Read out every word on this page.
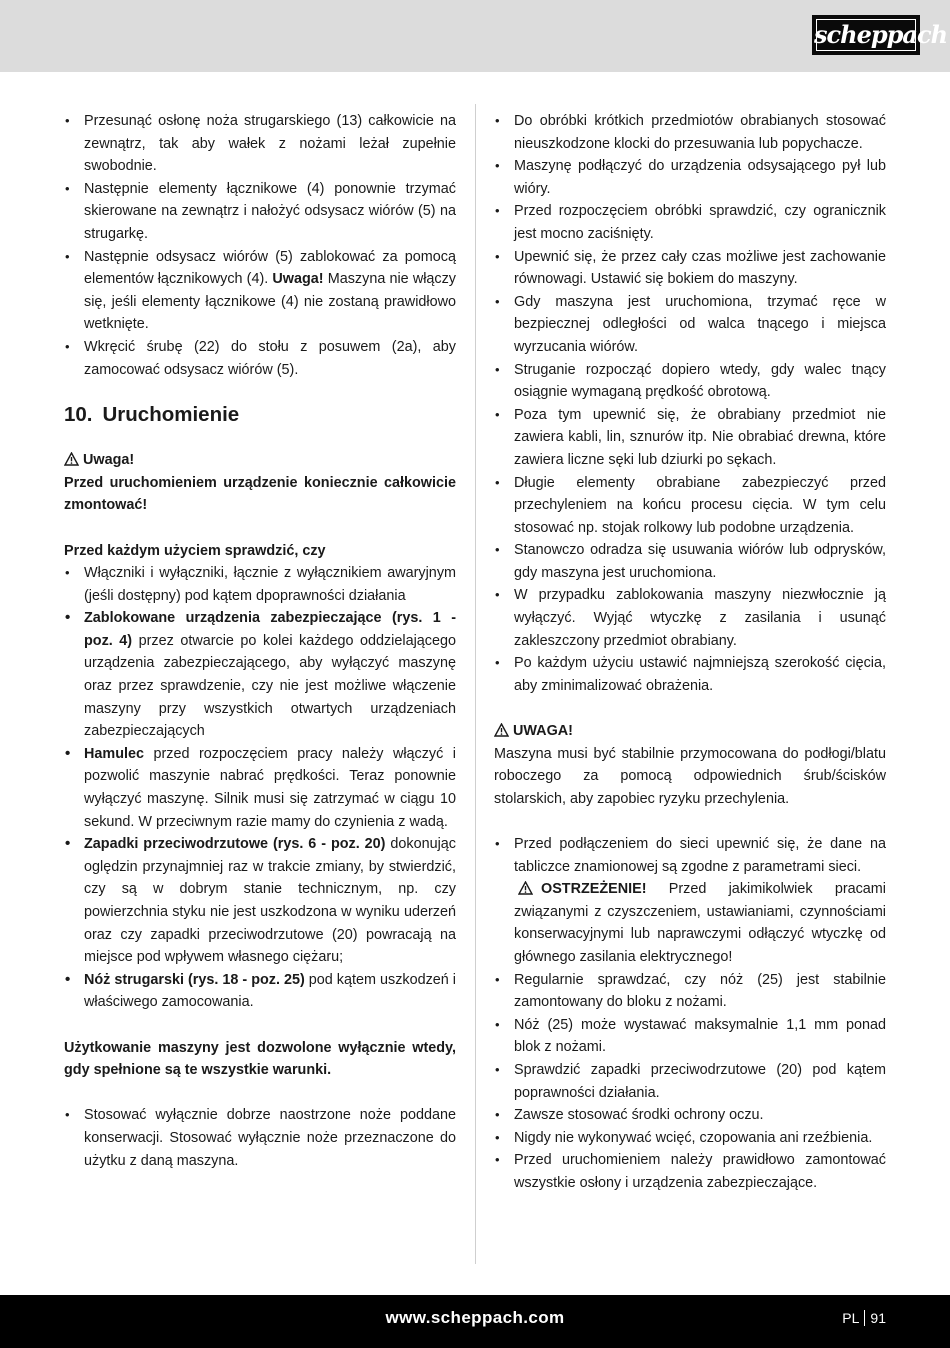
scheppach
• Przesunąć osłonę noża strugarskiego (13) całkowicie na zewnątrz, tak aby wałek z nożami leżał zupełnie swobodnie.
• Następnie elementy łącznikowe (4) ponownie trzymać skierowane na zewnątrz i nałożyć odsysacz wiórów (5) na strugarkę.
• Następnie odsysacz wiórów (5) zablokować za pomocą elementów łącznikowych (4). Uwaga! Maszyna nie włączy się, jeśli elementy łącznikowe (4) nie zostaną prawidłowo wetknięte.
• Wkręcić śrubę (22) do stołu z posuwem (2a), aby zamocować odsysacz wiórów (5).
10. Uruchomienie
Uwaga!
Przed uruchomieniem urządzenie koniecznie całkowicie zmontować!
Przed każdym użyciem sprawdzić, czy
• Włączniki i wyłączniki, łącznie z wyłącznikiem awaryjnym (jeśli dostępny) pod kątem dpoprawności działania
• Zablokowane urządzenia zabezpieczające (rys. 1 - poz. 4) przez otwarcie po kolei każdego oddzielającego urządzenia zabezpieczającego, aby wyłączyć maszynę oraz przez sprawdzenie, czy nie jest możliwe włączenie maszyny przy wszystkich otwartych urządzeniach zabezpieczających
• Hamulec przed rozpoczęciem pracy należy włączyć i pozwolić maszynie nabrać prędkości. Teraz ponownie wyłączyć maszynę. Silnik musi się zatrzymać w ciągu 10 sekund. W przeciwnym razie mamy do czynienia z wadą.
• Zapadki przeciwodrzutowe (rys. 6 - poz. 20) dokonując oględzin przynajmniej raz w trakcie zmiany, by stwierdzić, czy są w dobrym stanie technicznym, np. czy powierzchnia styku nie jest uszkodzona w wyniku uderzeń oraz czy zapadki przeciwodrzutowe (20) powracają na miejsce pod wpływem własnego ciężaru;
• Nóż strugarski (rys. 18 - poz. 25) pod kątem uszkodzeń i właściwego zamocowania.
Użytkowanie maszyny jest dozwolone wyłącznie wtedy, gdy spełnione są te wszystkie warunki.
• Stosować wyłącznie dobrze naostrzone noże poddane konserwacji. Stosować wyłącznie noże przeznaczone do użytku z daną maszyna.
• Do obróbki krótkich przedmiotów obrabianych stosować nieuszkodzone klocki do przesuwania lub popychacze.
• Maszynę podłączyć do urządzenia odsysającego pył lub wióry.
• Przed rozpoczęciem obróbki sprawdzić, czy ogranicznik jest mocno zaciśnięty.
• Upewnić się, że przez cały czas możliwe jest zachowanie równowagi. Ustawić się bokiem do maszyny.
• Gdy maszyna jest uruchomiona, trzymać ręce w bezpiecznej odległości od walca tnącego i miejsca wyrzucania wiórów.
• Struganie rozpocząć dopiero wtedy, gdy walec tnący osiągnie wymaganą prędkość obrotową.
• Poza tym upewnić się, że obrabiany przedmiot nie zawiera kabli, lin, sznurów itp. Nie obrabiać drewna, które zawiera liczne sęki lub dziurki po sękach.
• Długie elementy obrabiane zabezpieczyć przed przechyleniem na końcu procesu cięcia. W tym celu stosować np. stojak rolkowy lub podobne urządzenia.
• Stanowczo odradza się usuwania wiórów lub odprysków, gdy maszyna jest uruchomiona.
• W przypadku zablokowania maszyny niezwłocznie ją wyłączyć. Wyjąć wtyczkę z zasilania i usunąć zakleszczony przedmiot obrabiany.
• Po każdym użyciu ustawić najmniejszą szerokość cięcia, aby zminimalizować obrażenia.
UWAGA!
Maszyna musi być stabilnie przymocowana do podłogi/blatu roboczego za pomocą odpowiednich śrub/ścisków stolarskich, aby zapobiec ryzyku przechylenia.
• Przed podłączeniem do sieci upewnić się, że dane na tabliczce znamionowej są zgodne z parametrami sieci.
OSTRZEŻENIE! Przed jakimikolwiek pracami związanymi z czyszczeniem, ustawianiami, czynnościami konserwacyjnymi lub naprawczymi odłączyć wtyczkę od głównego zasilania elektrycznego!
• Regularnie sprawdzać, czy nóż (25) jest stabilnie zamontowany do bloku z nożami.
• Nóż (25) może wystawać maksymalnie 1,1 mm ponad blok z nożami.
• Sprawdzić zapadki przeciwodrzutowe (20) pod kątem poprawności działania.
• Zawsze stosować środki ochrony oczu.
• Nigdy nie wykonywać wcięć, czopowania ani rzeźbienia.
• Przed uruchomieniem należy prawidłowo zamontować wszystkie osłony i urządzenia zabezpieczające.
www.scheppach.com	PL 91
